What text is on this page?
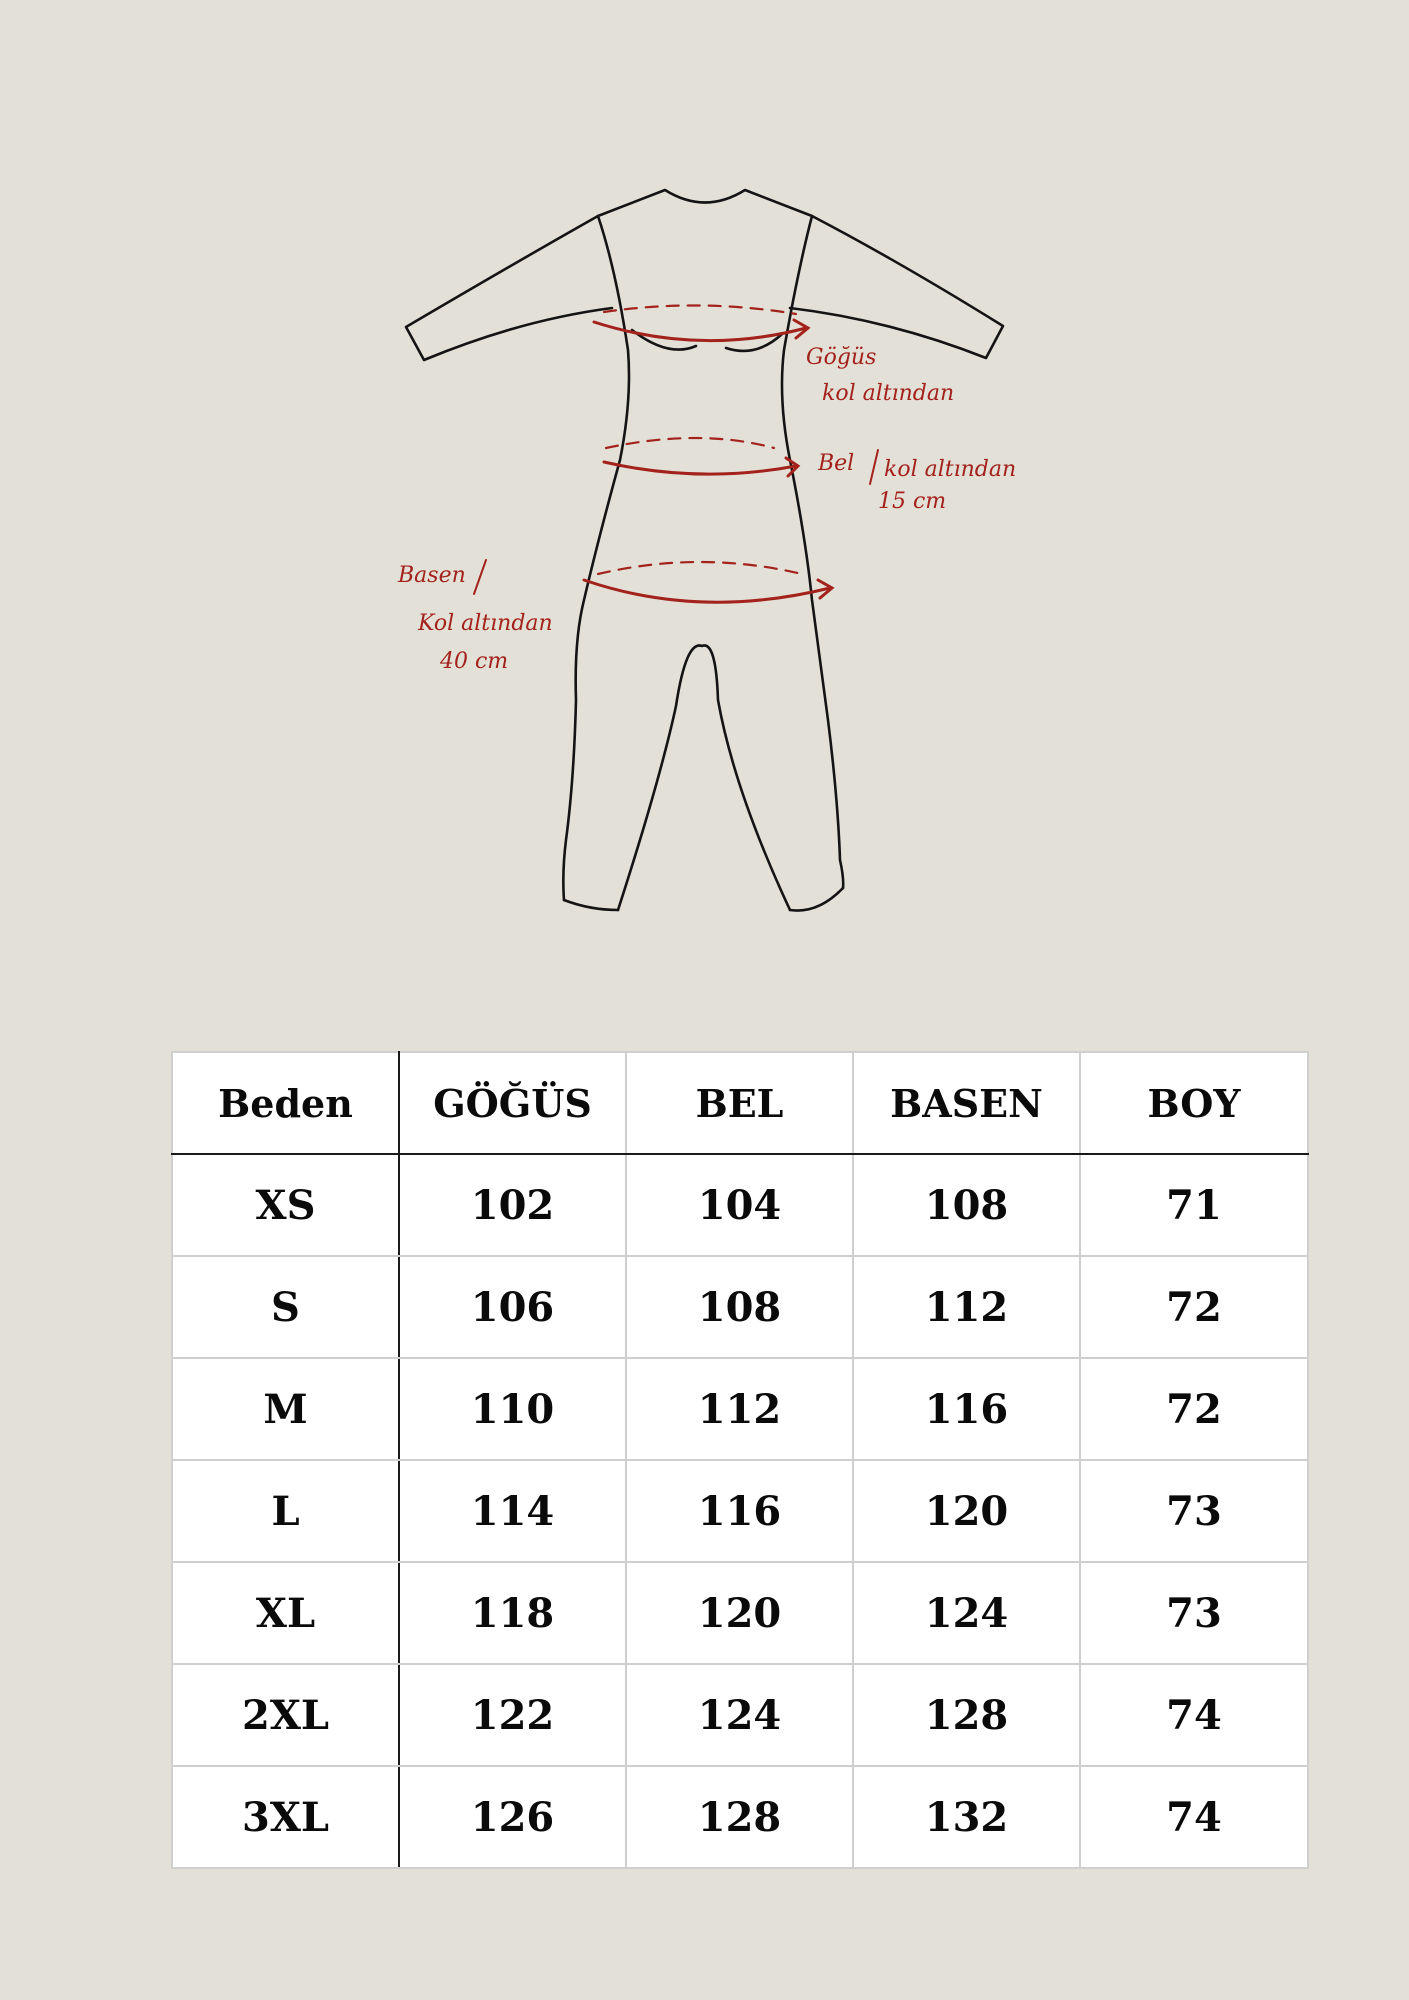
Göğüs
kol altından
Bel kol altından
15 cm
Basen
Kol altından
40 cm
Beden	GÖĞÜS	BEL	BASEN	BOY
XS	102	104	108	71
S	106	108	112	72
M	110	112	116	72
L	114	116	120	73
XL	118	120	124	73
2XL	122	124	128	74
3XL	126	128	132	74
